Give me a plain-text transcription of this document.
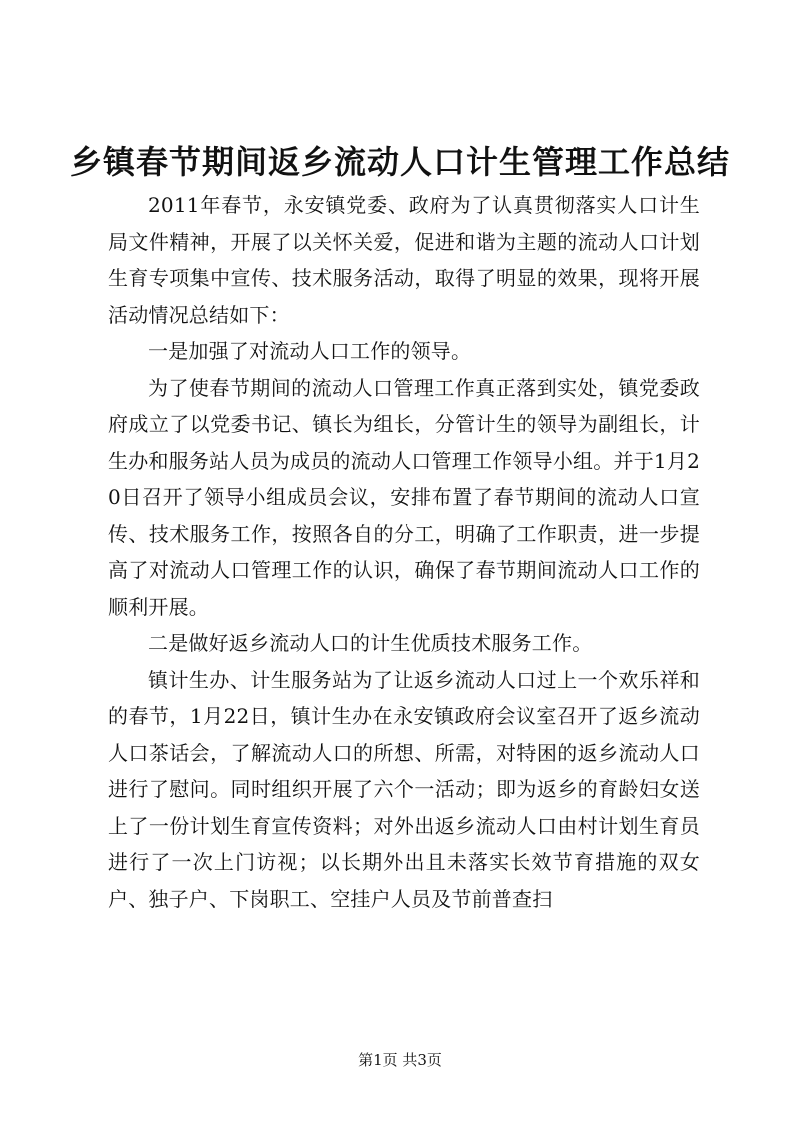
乡镇春节期间返乡流动人口计生管理工作总结

2011年春节，永安镇党委、政府为了认真贯彻落实人口计生局文件精神，开展了以关怀关爱，促进和谐为主题的流动人口计划生育专项集中宣传、技术服务活动，取得了明显的效果，现将开展活动情况总结如下：

一是加强了对流动人口工作的领导。

为了使春节期间的流动人口管理工作真正落到实处，镇党委政府成立了以党委书记、镇长为组长，分管计生的领导为副组长，计生办和服务站人员为成员的流动人口管理工作领导小组。并于1月20日召开了领导小组成员会议，安排布置了春节期间的流动人口宣传、技术服务工作，按照各自的分工，明确了工作职责，进一步提高了对流动人口管理工作的认识，确保了春节期间流动人口工作的顺利开展。

二是做好返乡流动人口的计生优质技术服务工作。

镇计生办、计生服务站为了让返乡流动人口过上一个欢乐祥和的春节，1月22日，镇计生办在永安镇政府会议室召开了返乡流动人口茶话会，了解流动人口的所想、所需，对特困的返乡流动人口进行了慰问。同时组织开展了六个一活动；即为返乡的育龄妇女送上了一份计划生育宣传资料；对外出返乡流动人口由村计划生育员进行了一次上门访视；以长期外出且未落实长效节育措施的双女户、独子户、下岗职工、空挂户人员及节前普查扫

第1页 共3页
